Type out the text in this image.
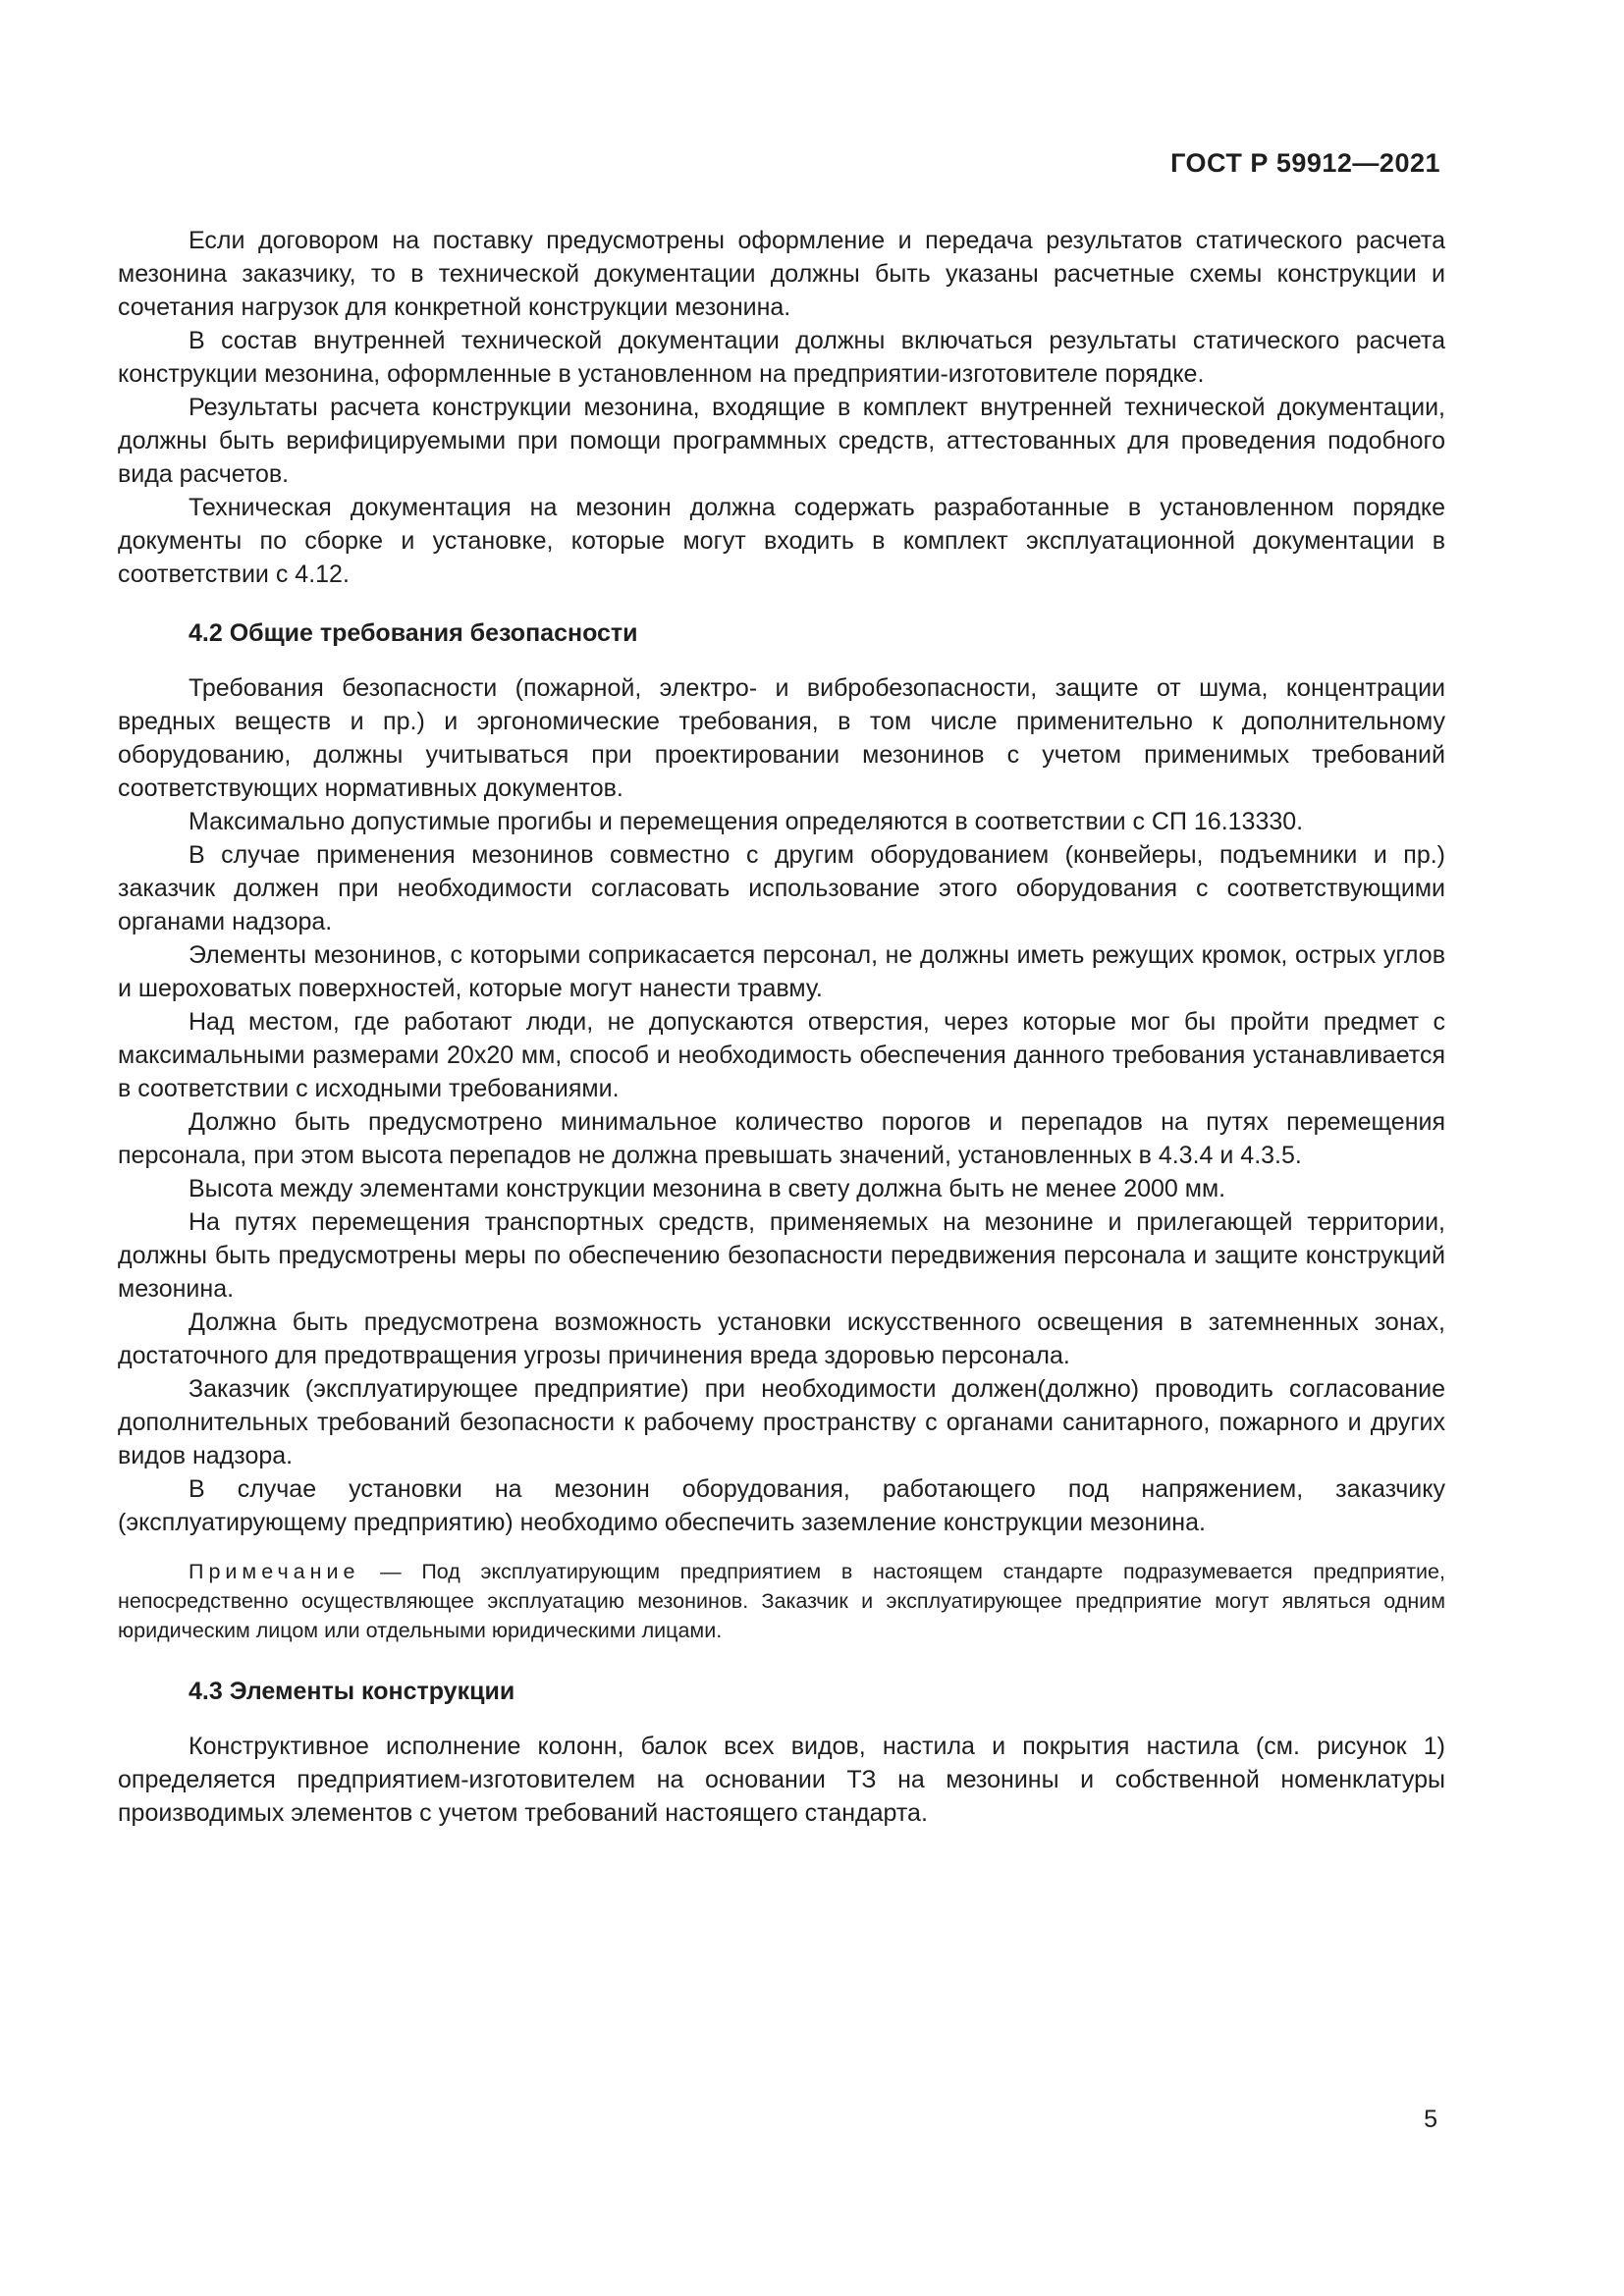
ГОСТ Р 59912—2021

Если договором на поставку предусмотрены оформление и передача результатов статического расчета мезонина заказчику, то в технической документации должны быть указаны расчетные схемы конструкции и сочетания нагрузок для конкретной конструкции мезонина.

В состав внутренней технической документации должны включаться результаты статического расчета конструкции мезонина, оформленные в установленном на предприятии-изготовителе порядке.

Результаты расчета конструкции мезонина, входящие в комплект внутренней технической документации, должны быть верифицируемыми при помощи программных средств, аттестованных для проведения подобного вида расчетов.

Техническая документация на мезонин должна содержать разработанные в установленном порядке документы по сборке и установке, которые могут входить в комплект эксплуатационной документации в соответствии с 4.12.

4.2 Общие требования безопасности

Требования безопасности (пожарной, электро- и вибробезопасности, защите от шума, концентрации вредных веществ и пр.) и эргономические требования, в том числе применительно к дополнительному оборудованию, должны учитываться при проектировании мезонинов с учетом применимых требований соответствующих нормативных документов.

Максимально допустимые прогибы и перемещения определяются в соответствии с СП 16.13330.

В случае применения мезонинов совместно с другим оборудованием (конвейеры, подъемники и пр.) заказчик должен при необходимости согласовать использование этого оборудования с соответствующими органами надзора.

Элементы мезонинов, с которыми соприкасается персонал, не должны иметь режущих кромок, острых углов и шероховатых поверхностей, которые могут нанести травму.

Над местом, где работают люди, не допускаются отверстия, через которые мог бы пройти предмет с максимальными размерами 20х20 мм, способ и необходимость обеспечения данного требования устанавливается в соответствии с исходными требованиями.

Должно быть предусмотрено минимальное количество порогов и перепадов на путях перемещения персонала, при этом высота перепадов не должна превышать значений, установленных в 4.3.4 и 4.3.5.

Высота между элементами конструкции мезонина в свету должна быть не менее 2000 мм.

На путях перемещения транспортных средств, применяемых на мезонине и прилегающей территории, должны быть предусмотрены меры по обеспечению безопасности передвижения персонала и защите конструкций мезонина.

Должна быть предусмотрена возможность установки искусственного освещения в затемненных зонах, достаточного для предотвращения угрозы причинения вреда здоровью персонала.

Заказчик (эксплуатирующее предприятие) при необходимости должен(должно) проводить согласование дополнительных требований безопасности к рабочему пространству с органами санитарного, пожарного и других видов надзора.

В случае установки на мезонин оборудования, работающего под напряжением, заказчику (эксплуатирующему предприятию) необходимо обеспечить заземление конструкции мезонина.

Примечание — Под эксплуатирующим предприятием в настоящем стандарте подразумевается предприятие, непосредственно осуществляющее эксплуатацию мезонинов. Заказчик и эксплуатирующее предприятие могут являться одним юридическим лицом или отдельными юридическими лицами.

4.3 Элементы конструкции

Конструктивное исполнение колонн, балок всех видов, настила и покрытия настила (см. рисунок 1) определяется предприятием-изготовителем на основании ТЗ на мезонины и собственной номенклатуры производимых элементов с учетом требований настоящего стандарта.

5
